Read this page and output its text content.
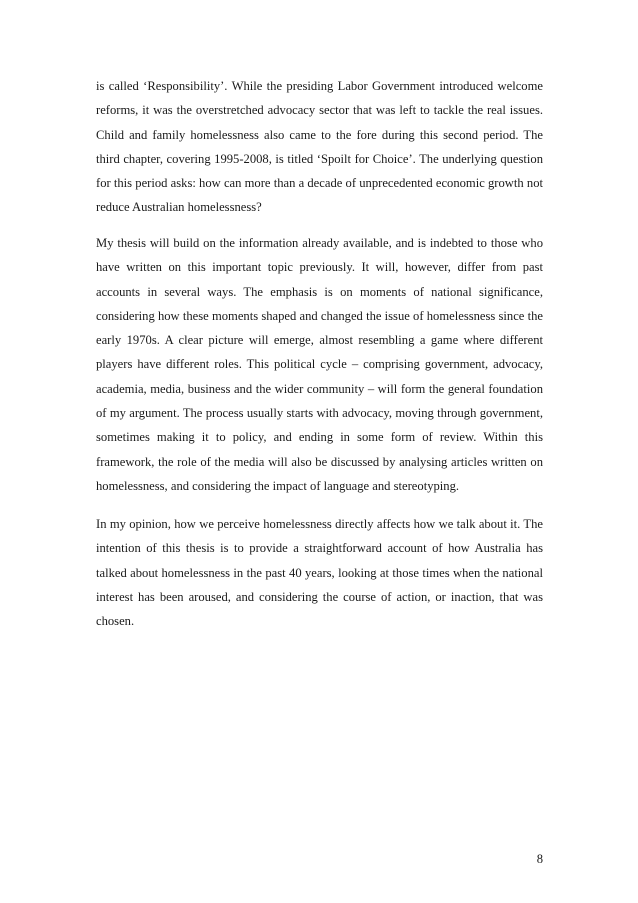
is called ‘Responsibility’. While the presiding Labor Government introduced welcome reforms, it was the overstretched advocacy sector that was left to tackle the real issues. Child and family homelessness also came to the fore during this second period. The third chapter, covering 1995-2008, is titled ‘Spoilt for Choice’. The underlying question for this period asks: how can more than a decade of unprecedented economic growth not reduce Australian homelessness?

My thesis will build on the information already available, and is indebted to those who have written on this important topic previously. It will, however, differ from past accounts in several ways. The emphasis is on moments of national significance, considering how these moments shaped and changed the issue of homelessness since the early 1970s. A clear picture will emerge, almost resembling a game where different players have different roles. This political cycle – comprising government, advocacy, academia, media, business and the wider community – will form the general foundation of my argument. The process usually starts with advocacy, moving through government, sometimes making it to policy, and ending in some form of review. Within this framework, the role of the media will also be discussed by analysing articles written on homelessness, and considering the impact of language and stereotyping.

In my opinion, how we perceive homelessness directly affects how we talk about it. The intention of this thesis is to provide a straightforward account of how Australia has talked about homelessness in the past 40 years, looking at those times when the national interest has been aroused, and considering the course of action, or inaction, that was chosen.

8
